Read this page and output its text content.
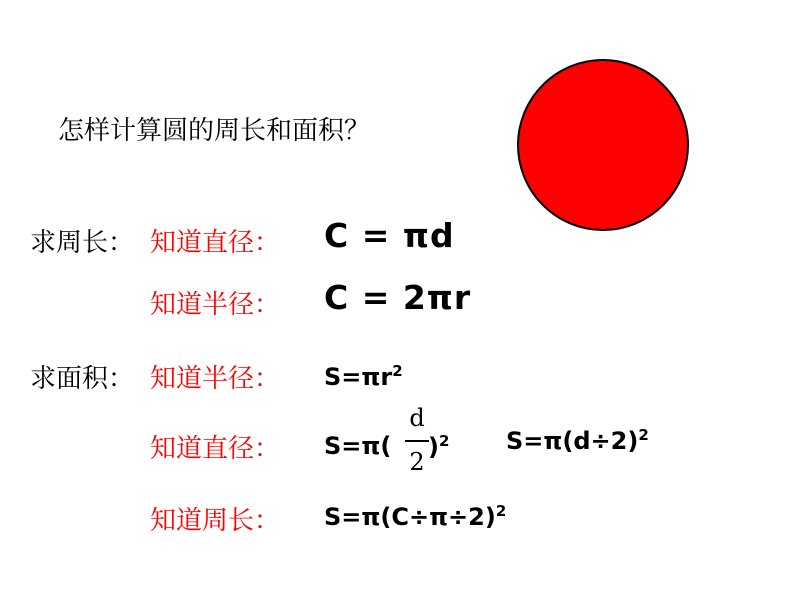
怎样计算圆的周长和面积？
求周长： 知道直径： C = πd
知道半径： C = 2πr
求面积： 知道半径： $S=\pi r^2$
知道直径： S=π(
d
2
)$^2$ $S=\pi(d\div 2)^2$
知道周长： $S=\pi(C\div\pi\div 2)^2$
